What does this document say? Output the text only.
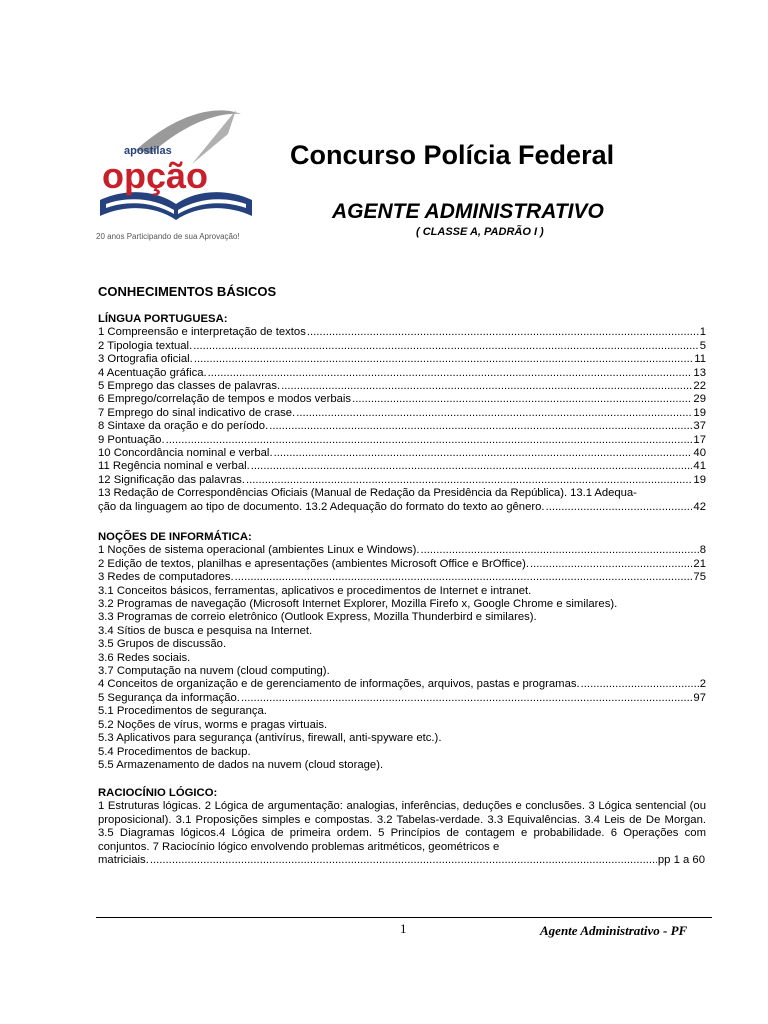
apostilas
opção
20 anos Participando de sua Aprovação!
Concurso Polícia Federal
AGENTE ADMINISTRATIVO
( CLASSE A, PADRÃO I )
CONHECIMENTOS BÁSICOS
LÍNGUA PORTUGUESA:
1 Compreensão e interpretação de textos .....	1
2 Tipologia textual. .....	5
3 Ortografia oficial. .....	11
4 Acentuação gráfica. .....	13
5 Emprego das classes de palavras. .....	22
6 Emprego/correlação de tempos e modos verbais .....	29
7 Emprego do sinal indicativo de crase. .....	19
8 Sintaxe da oração e do período. .....	37
9 Pontuação. .....	17
10 Concordância nominal e verbal. .....	40
11 Regência nominal e verbal. .....	41
12 Significação das palavras. .....	19
13 Redação de Correspondências Oficiais (Manual de Redação da Presidência da República). 13.1 Adequa-
ção da linguagem ao tipo de documento. 13.2 Adequação do formato do texto ao gênero. .....	42
NOÇÕES DE INFORMÁTICA:
1 Noções de sistema operacional (ambientes Linux e Windows). .....	8
2 Edição de textos, planilhas e apresentações (ambientes Microsoft Office e BrOffice). .....	21
3 Redes de computadores. .....	75
3.1 Conceitos básicos, ferramentas, aplicativos e procedimentos de Internet e intranet.
3.2 Programas de navegação (Microsoft Internet Explorer, Mozilla Firefo x, Google Chrome e similares).
3.3 Programas de correio eletrônico (Outlook Express, Mozilla Thunderbird e similares).
3.4 Sítios de busca e pesquisa na Internet.
3.5 Grupos de discussão.
3.6 Redes sociais.
3.7 Computação na nuvem (cloud computing).
4 Conceitos de organização e de gerenciamento de informações, arquivos, pastas e programas. .....	2
5 Segurança da informação. .....	97
5.1 Procedimentos de segurança.
5.2 Noções de vírus, worms e pragas virtuais.
5.3 Aplicativos para segurança (antivírus, firewall, anti-spyware etc.).
5.4 Procedimentos de backup.
5.5 Armazenamento de dados na nuvem (cloud storage).
RACIOCÍNIO LÓGICO:
1 Estruturas lógicas. 2 Lógica de argumentação: analogias, inferências, deduções e conclusões. 3 Lógica sentencial (ou proposicional). 3.1 Proposições simples e compostas. 3.2 Tabelas-verdade. 3.3 Equivalências. 3.4 Leis de De Morgan. 3.5 Diagramas lógicos.4 Lógica de primeira ordem. 5 Princípios de contagem e probabilidade. 6 Operações com conjuntos. 7 Raciocínio lógico envolvendo problemas aritméticos, geométricos e
matriciais. .....	pp 1 a 60
1	Agente Administrativo - PF
